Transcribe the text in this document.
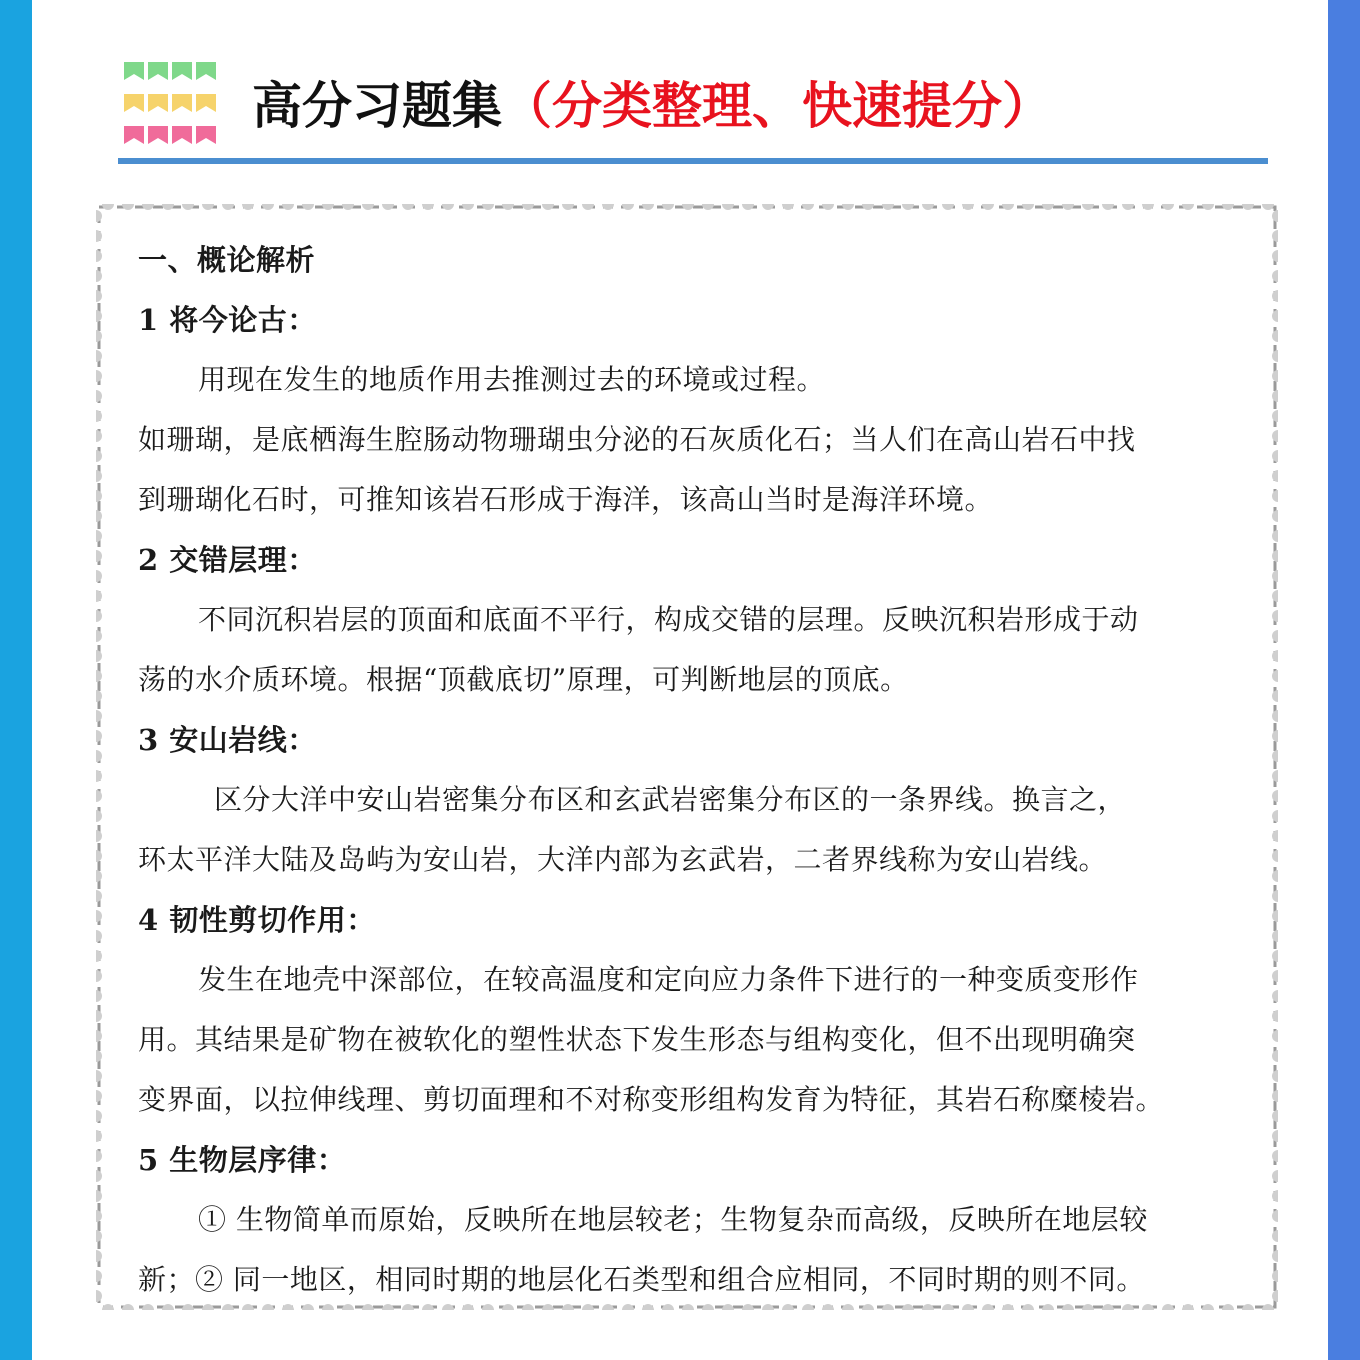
高分习题集（分类整理、快速提分）
一、概论解析
1 将今论古：
用现在发生的地质作用去推测过去的环境或过程。
如珊瑚，是底栖海生腔肠动物珊瑚虫分泌的石灰质化石；当人们在高山岩石中找
到珊瑚化石时，可推知该岩石形成于海洋，该高山当时是海洋环境。
2 交错层理：
不同沉积岩层的顶面和底面不平行，构成交错的层理。反映沉积岩形成于动
荡的水介质环境。根据“顶截底切”原理，可判断地层的顶底。
3 安山岩线：
区分大洋中安山岩密集分布区和玄武岩密集分布区的一条界线。换言之，
环太平洋大陆及岛屿为安山岩，大洋内部为玄武岩，二者界线称为安山岩线。
4 韧性剪切作用：
发生在地壳中深部位，在较高温度和定向应力条件下进行的一种变质变形作
用。其结果是矿物在被软化的塑性状态下发生形态与组构变化，但不出现明确突
变界面，以拉伸线理、剪切面理和不对称变形组构发育为特征，其岩石称糜棱岩。
5 生物层序律：
① 生物简单而原始，反映所在地层较老；生物复杂而高级，反映所在地层较
新；② 同一地区，相同时期的地层化石类型和组合应相同，不同时期的则不同。
